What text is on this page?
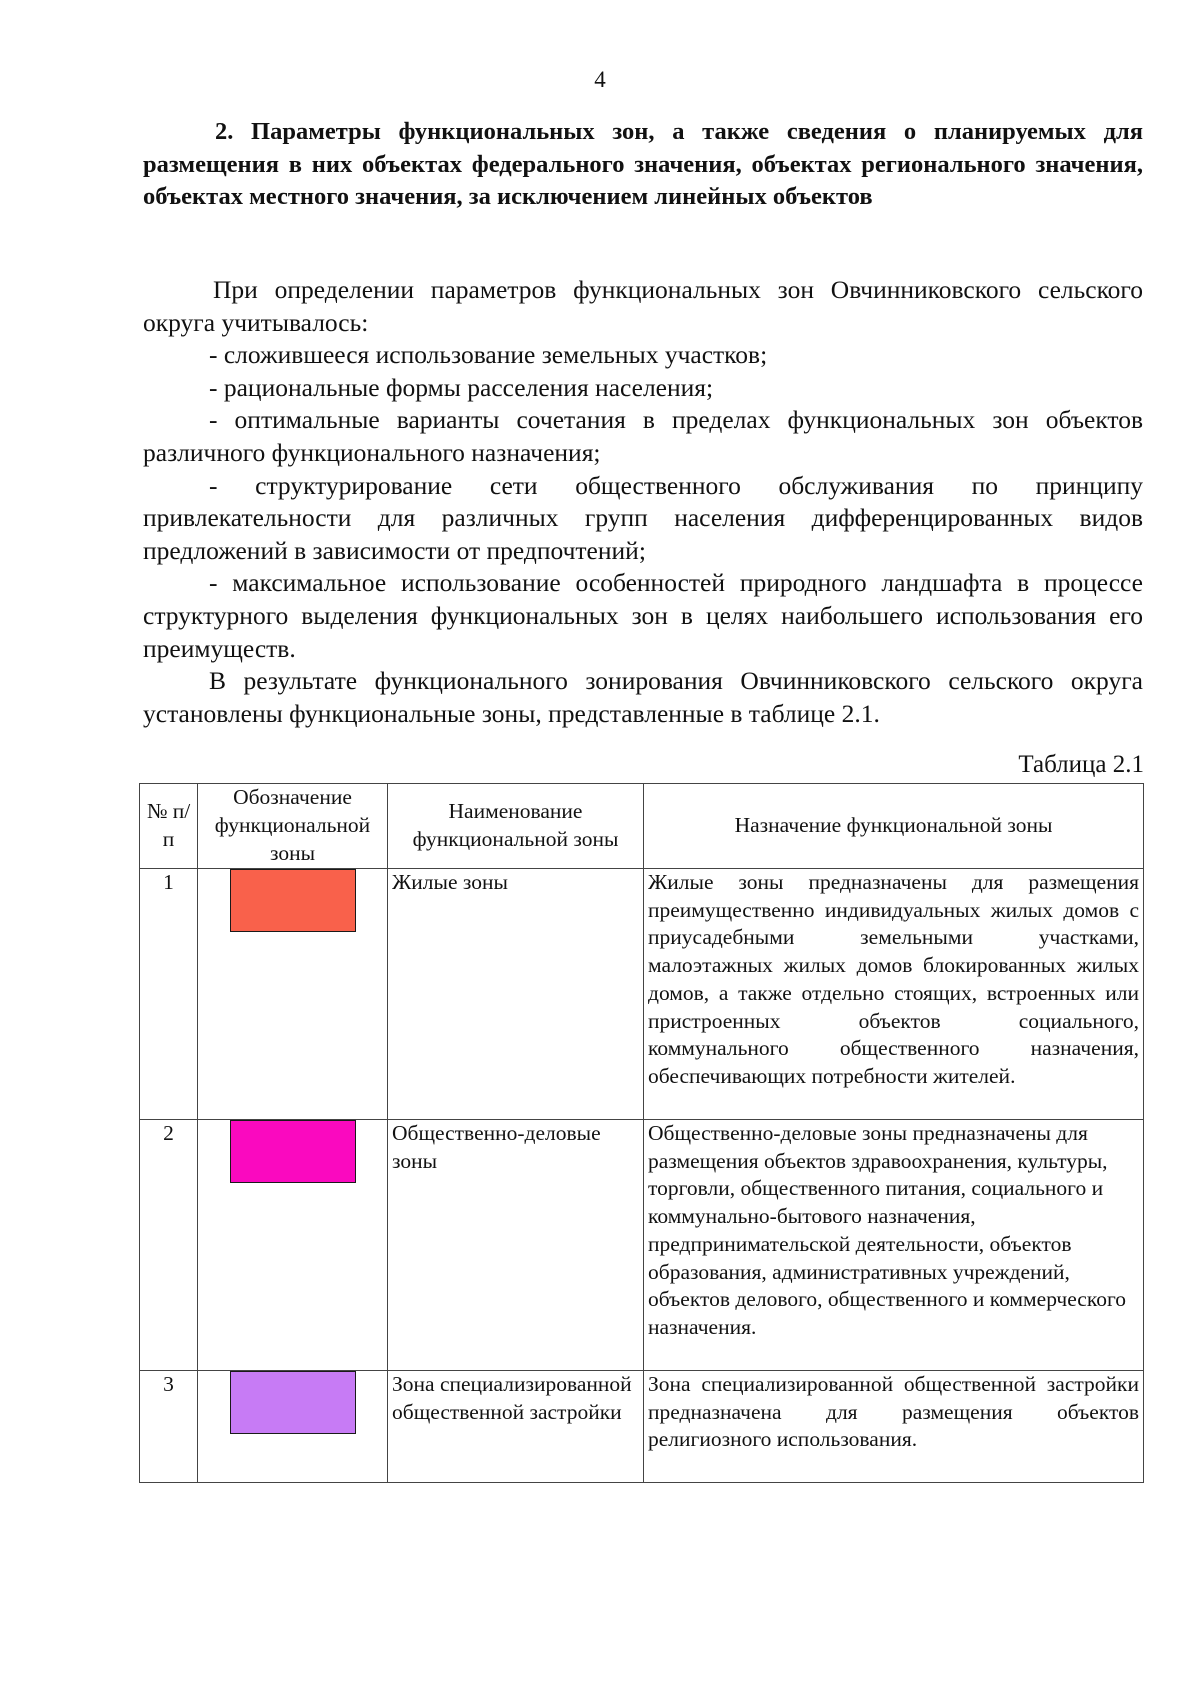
4
2. Параметры функциональных зон, а также сведения о планируемых для размещения в них объектах федерального значения, объектах регионального значения, объектах местного значения, за исключением линейных объектов

При определении параметров функциональных зон Овчинниковского сельского округа учитывалось:

- сложившееся использование земельных участков;

- рациональные формы расселения населения;

- оптимальные варианты сочетания в пределах функциональных зон объектов различного функционального назначения;

- структурирование сети общественного обслуживания по принципу привлекательности для различных групп населения дифференцированных видов предложений в зависимости от предпочтений;

- максимальное использование особенностей природного ландшафта в процессе структурного выделения функциональных зон в целях наибольшего использования его преимуществ.

В результате функционального зонирования Овчинниковского сельского округа установлены функциональные зоны, представленные в таблице 2.1.

Таблица 2.1
№ п/п	Обозначение функциональной зоны	Наименование функциональной зоны	Назначение функциональной зоны
1		Жилые зоны	Жилые зоны предназначены для размещения преимущественно индивидуальных жилых домов с приусадебными земельными участками, малоэтажных жилых домов блокированных жилых домов, а также отдельно стоящих, встроенных или пристроенных объектов социального, коммунального общественного назначения, обеспечивающих потребности жителей.
2		Общественно-деловые зоны	Общественно-деловые зоны предназначены для размещения объектов здравоохранения, культуры, торговли, общественного питания, социального и коммунально-бытового назначения, предпринимательской деятельности, объектов образования, административных учреждений, объектов делового, общественного и коммерческого назначения.
3		Зона специализированной общественной застройки	Зона специализированной общественной застройки предназначена для размещения объектов религиозного использования.
